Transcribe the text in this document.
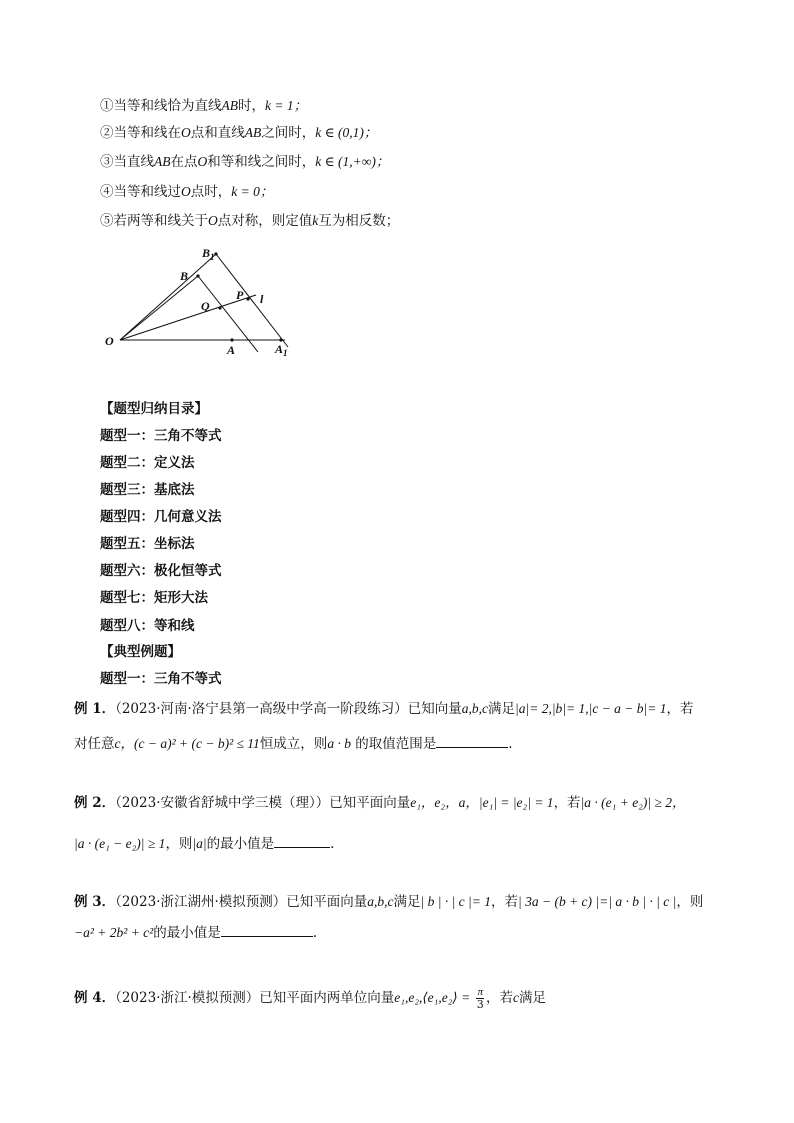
①当等和线恰为直线AB时，k = 1；
②当等和线在O点和直线AB之间时，k ∈ (0,1)；
③当直线AB在点O和等和线之间时，k ∈ (1,+∞)；
④当等和线过O点时，k = 0；
⑤若两等和线关于O点对称，则定值k互为相反数；
O
$B_1$
B
Q
P l
A	$A_1$
【题型归纳目录】
题型一：三角不等式
题型二：定义法
题型三：基底法
题型四：几何意义法
题型五：坐标法
题型六：极化恒等式
题型七：矩形大法
题型八：等和线
【典型例题】
题型一：三角不等式
例 1．（2023·河南·洛宁县第一高级中学高一阶段练习）已知向量a,b,c满足|a|= 2,|b|= 1,|c − a − b|= 1，若
对任意c，(c − a)² + (c − b)² ≤ 11恒成立，则a · b 的取值范围是	.
例 2．（2023·安徽省舒城中学三模（理））已知平面向量e₁，e₂，a，|e₁| = |e₂| = 1，若|a · (e₁ + e₂)| ≥ 2，
|a · (e₁ − e₂)| ≥ 1，则|a|的最小值是	.
例 3．（2023·浙江湖州·模拟预测）已知平面向量a,b,c满足| b | · | c |= 1，若| 3a − (b + c) |=| a · b | · | c |，则
−a² + 2b² + c²的最小值是	.
例 4．（2023·浙江·模拟预测）已知平面内两单位向量e₁,e₂,⟨e₁,e₂⟩ = $\frac{\pi}{3}$ ，若c满足
